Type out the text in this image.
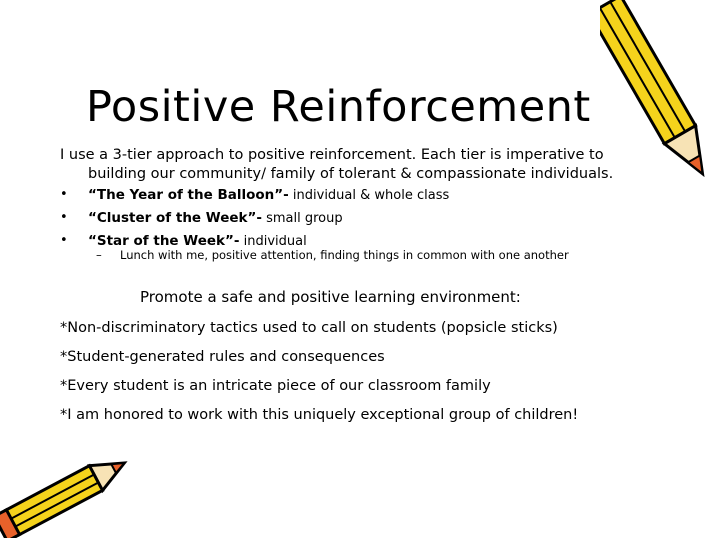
Positive Reinforcement
I use a 3-tier approach to positive reinforcement. Each tier is imperative to
building our community/ family of tolerant & compassionate individuals.
• “The Year of the Balloon”- individual & whole class
• “Cluster of the Week”- small group
• “Star of the Week”- individual
– Lunch with me, positive attention, finding things in common with one another
Promote a safe and positive learning environment:
*Non-discriminatory tactics used to call on students (popsicle sticks)
*Student-generated rules and consequences
*Every student is an intricate piece of our classroom family
*I am honored to work with this uniquely exceptional group of children!
